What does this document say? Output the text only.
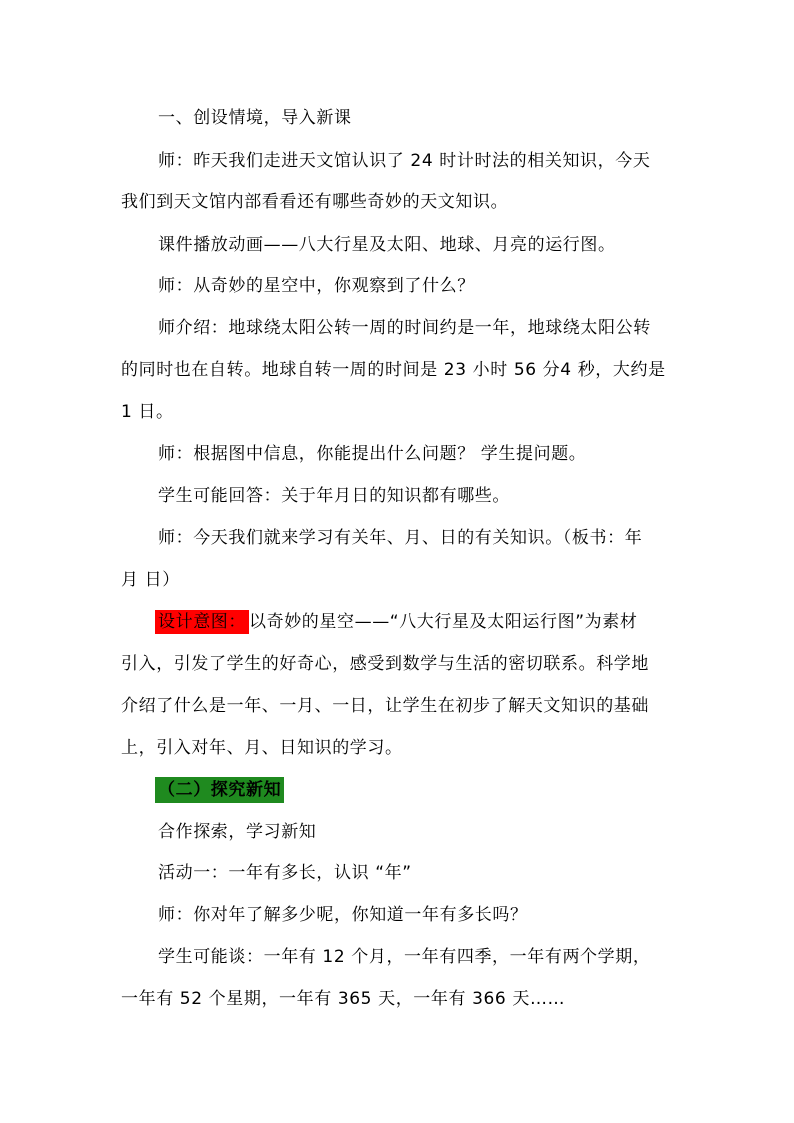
一、创设情境，导入新课
师：昨天我们走进天文馆认识了 24 时计时法的相关知识，今天
我们到天文馆内部看看还有哪些奇妙的天文知识。
课件播放动画——八大行星及太阳、地球、月亮的运行图。
师：从奇妙的星空中，你观察到了什么？
师介绍：地球绕太阳公转一周的时间约是一年，地球绕太阳公转
的同时也在自转。地球自转一周的时间是 23 小时 56 分4 秒，大约是
1 日。
师：根据图中信息，你能提出什么问题？ 学生提问题。
学生可能回答：关于年月日的知识都有哪些。
师：今天我们就来学习有关年、月、日的有关知识。（板书：年
月 日）
设计意图： 以奇妙的星空——“八大行星及太阳运行图”为素材
引入，引发了学生的好奇心，感受到数学与生活的密切联系。科学地
介绍了什么是一年、一月、一日，让学生在初步了解天文知识的基础
上，引入对年、月、日知识的学习。
（二）探究新知
合作探索，学习新知
活动一：一年有多长，认识 “年”
师：你对年了解多少呢，你知道一年有多长吗？
学生可能谈：一年有 12 个月，一年有四季，一年有两个学期，
一年有 52 个星期，一年有 365 天，一年有 366 天……
